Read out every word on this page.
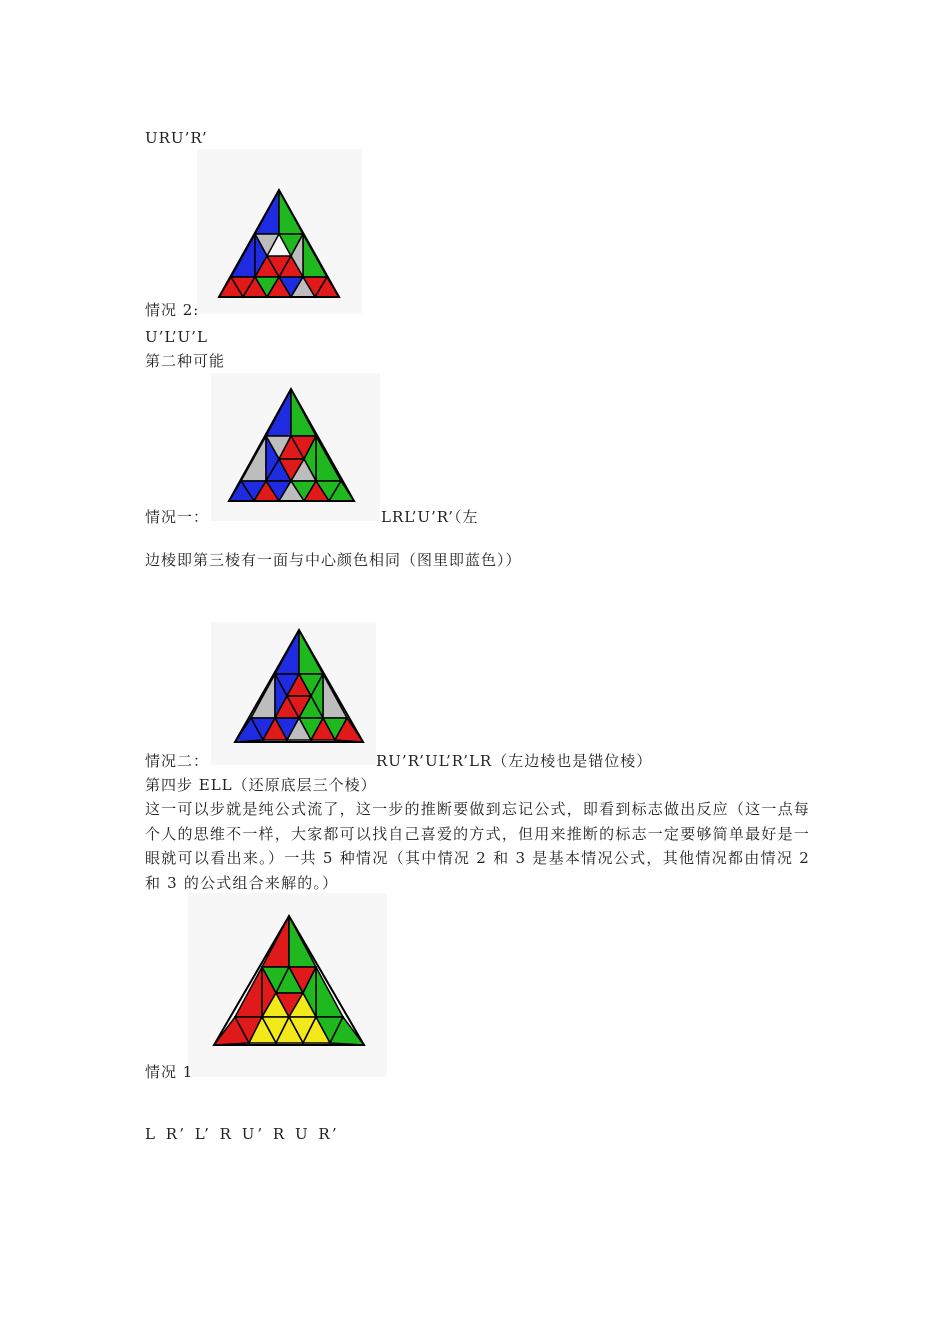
URU’R’
情况 2:
U’L’U’L
第二种可能
情况一：	LRL’U’R’（左
边棱即第三棱有一面与中心颜色相同（图里即蓝色））
情况二：	RU’R’UL’R’LR（左边棱也是错位棱）
第四步 ELL（还原底层三个棱）
这一可以步就是纯公式流了，这一步的推断要做到忘记公式，即看到标志做出反应（这一点每个人的思维不一样，大家都可以找自己喜爱的方式，但用来推断的标志一定要够简单最好是一眼就可以看出来。）一共 5 种情况（其中情况 2 和 3 是基本情况公式，其他情况都由情况 2 和 3 的公式组合来解的。）
情况 1
L R’ L’ R U’ R U R’
